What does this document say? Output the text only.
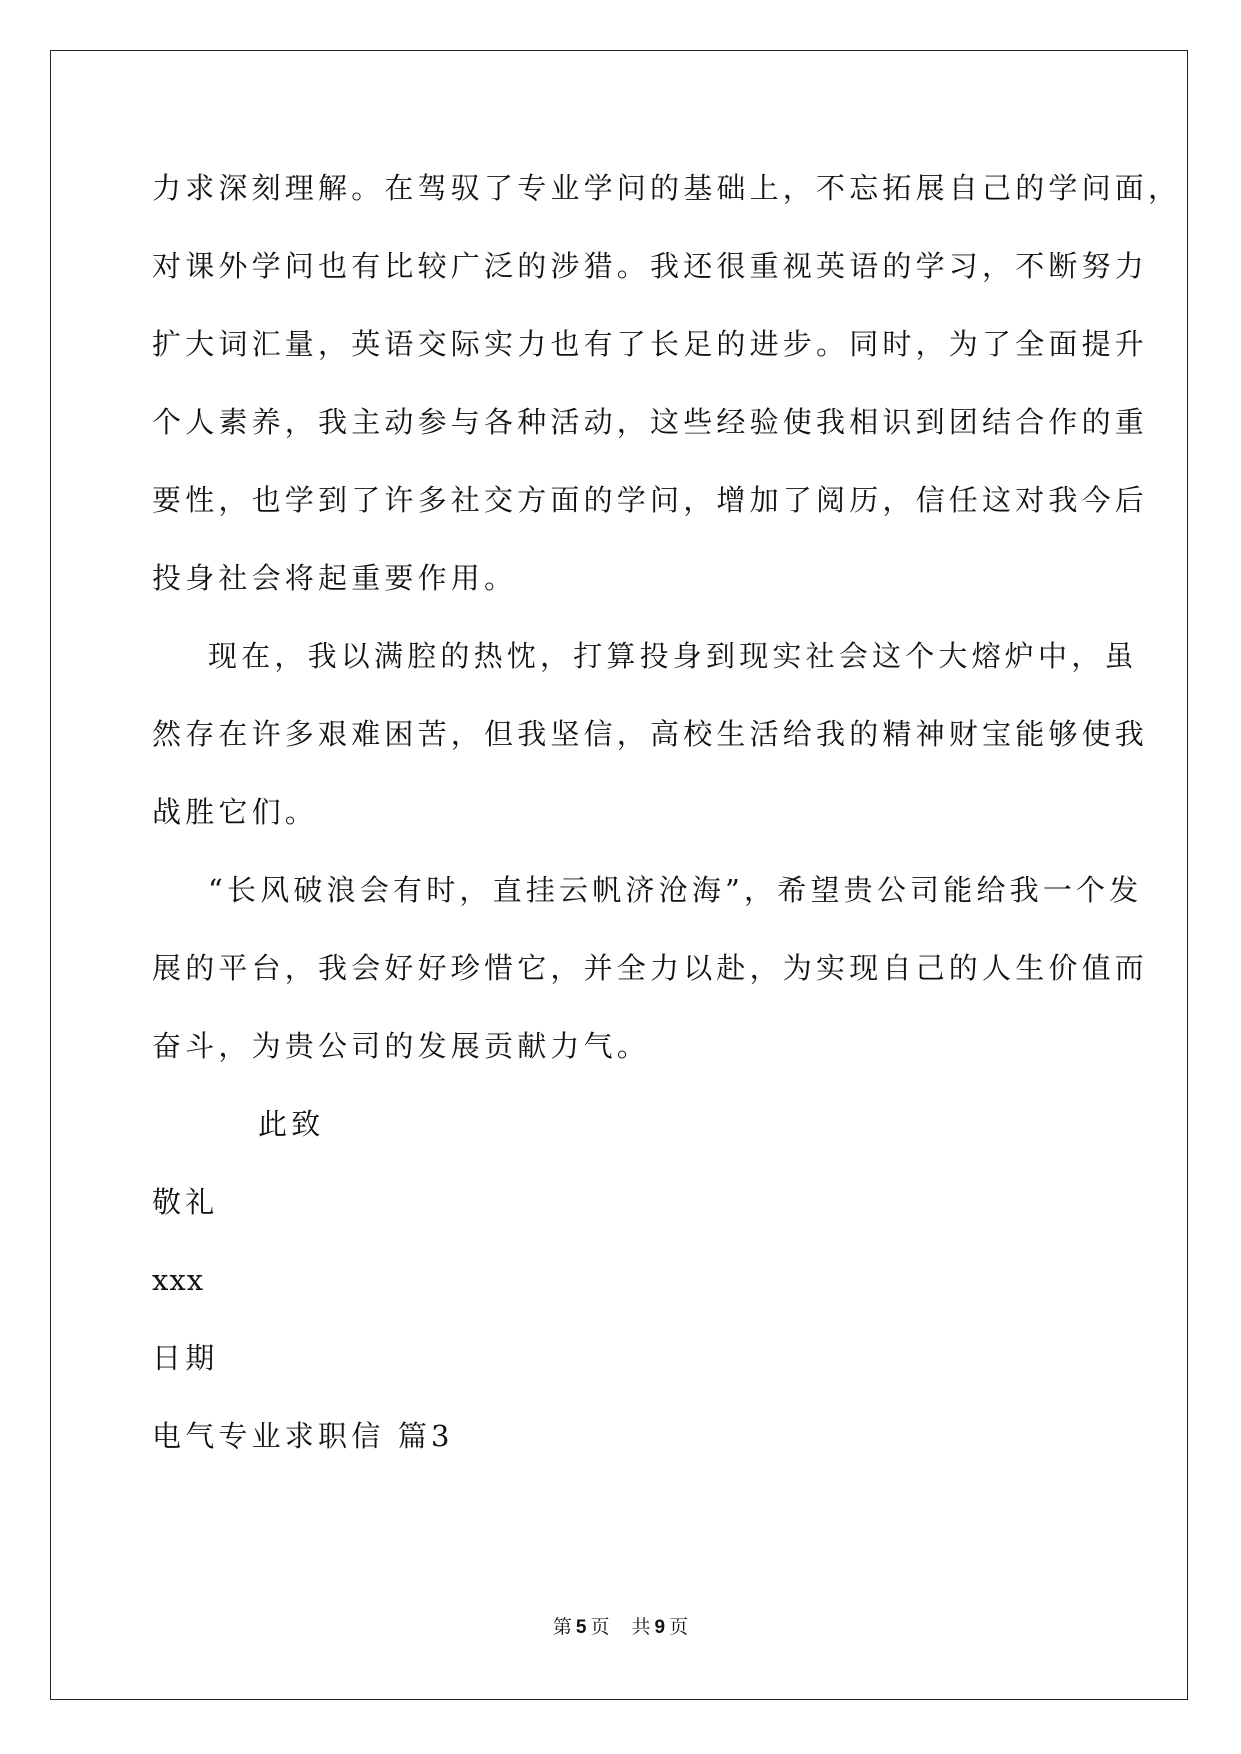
力求深刻理解。在驾驭了专业学问的基础上，不忘拓展自己的学问面，
对课外学问也有比较广泛的涉猎。我还很重视英语的学习，不断努力
扩大词汇量，英语交际实力也有了长足的进步。同时，为了全面提升
个人素养，我主动参与各种活动，这些经验使我相识到团结合作的重
要性，也学到了许多社交方面的学问，增加了阅历，信任这对我今后
投身社会将起重要作用。
现在，我以满腔的热忱，打算投身到现实社会这个大熔炉中，虽
然存在许多艰难困苦，但我坚信，高校生活给我的精神财宝能够使我
战胜它们。
“长风破浪会有时，直挂云帆济沧海”，希望贵公司能给我一个发
展的平台，我会好好珍惜它，并全力以赴，为实现自己的人生价值而
奋斗，为贵公司的发展贡献力气。
此致
敬礼
xxx
日期
电气专业求职信 篇3
第 5 页 共 9 页
